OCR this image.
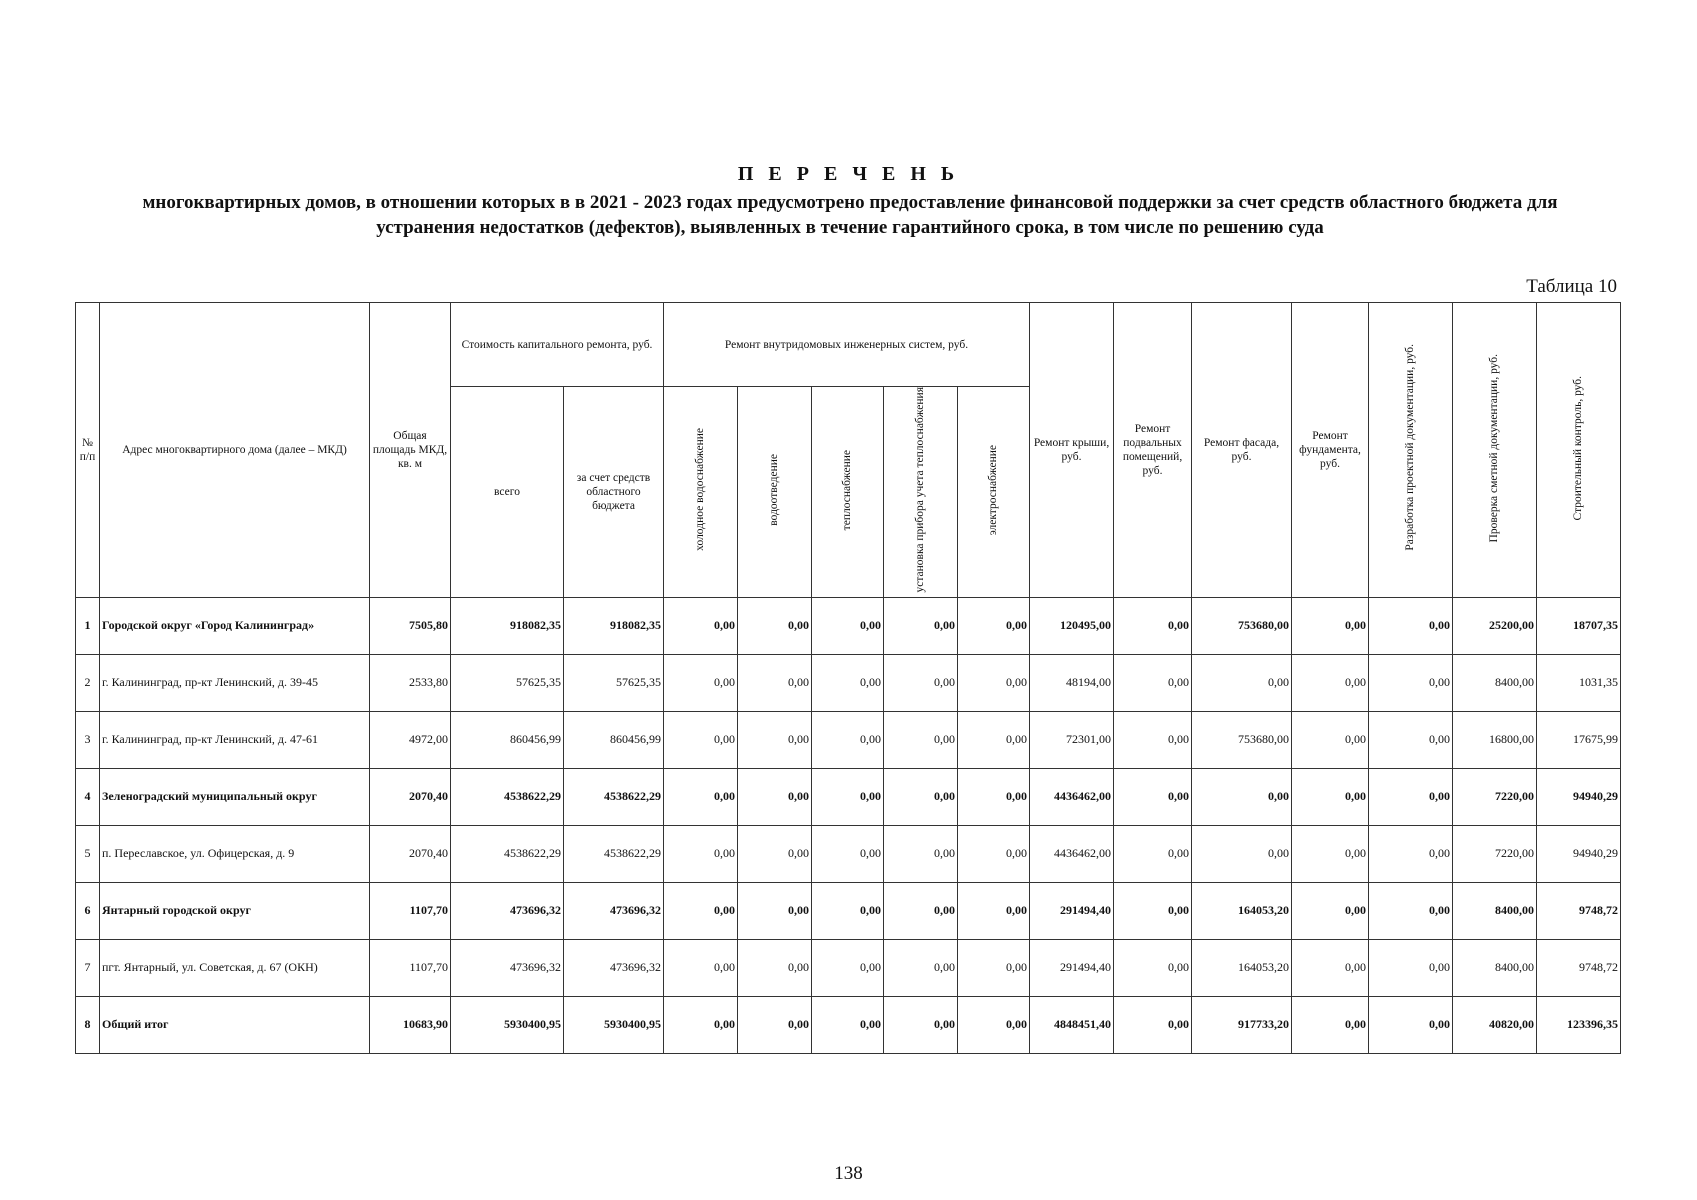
П Е Р Е Ч Е Н Ь
многоквартирных домов, в отношении которых в в 2021 - 2023 годах предусмотрено предоставление финансовой поддержки за счет средств областного бюджета для устранения недостатков (дефектов), выявленных в течение гарантийного срока, в том числе по решению суда
Таблица 10
№ п/п	Адрес многоквартирного дома (далее – МКД)	Общая площадь МКД, кв. м	Стоимость капитального ремонта, руб.		Ремонт внутридомовых инженерных систем, руб.					Ремонт крыши, руб.	Ремонт подвальных помещений, руб.	Ремонт фасада, руб.	Ремонт фундамента, руб.	Разработка проектной документации, руб.	Проверка сметной документации, руб.	Строительный контроль, руб.
			всего	за счет средств областного бюджета	холодное водоснабжение	водоотведение	теплоснабжение	установка прибора учета теплоснабжения	электроснабжение							
1	Городской округ «Город Калининград»	7505,80	918082,35	918082,35	0,00	0,00	0,00	0,00	0,00	120495,00	0,00	753680,00	0,00	0,00	25200,00	18707,35
2	г. Калининград, пр-кт Ленинский, д. 39-45	2533,80	57625,35	57625,35	0,00	0,00	0,00	0,00	0,00	48194,00	0,00	0,00	0,00	0,00	8400,00	1031,35
3	г. Калининград, пр-кт Ленинский, д. 47-61	4972,00	860456,99	860456,99	0,00	0,00	0,00	0,00	0,00	72301,00	0,00	753680,00	0,00	0,00	16800,00	17675,99
4	Зеленоградский муниципальный округ	2070,40	4538622,29	4538622,29	0,00	0,00	0,00	0,00	0,00	4436462,00	0,00	0,00	0,00	0,00	7220,00	94940,29
5	п. Переславское, ул. Офицерская, д. 9	2070,40	4538622,29	4538622,29	0,00	0,00	0,00	0,00	0,00	4436462,00	0,00	0,00	0,00	0,00	7220,00	94940,29
6	Янтарный городской округ	1107,70	473696,32	473696,32	0,00	0,00	0,00	0,00	0,00	291494,40	0,00	164053,20	0,00	0,00	8400,00	9748,72
7	пгт. Янтарный, ул. Советская, д. 67 (ОКН)	1107,70	473696,32	473696,32	0,00	0,00	0,00	0,00	0,00	291494,40	0,00	164053,20	0,00	0,00	8400,00	9748,72
8	Общий итог	10683,90	5930400,95	5930400,95	0,00	0,00	0,00	0,00	0,00	4848451,40	0,00	917733,20	0,00	0,00	40820,00	123396,35
138
